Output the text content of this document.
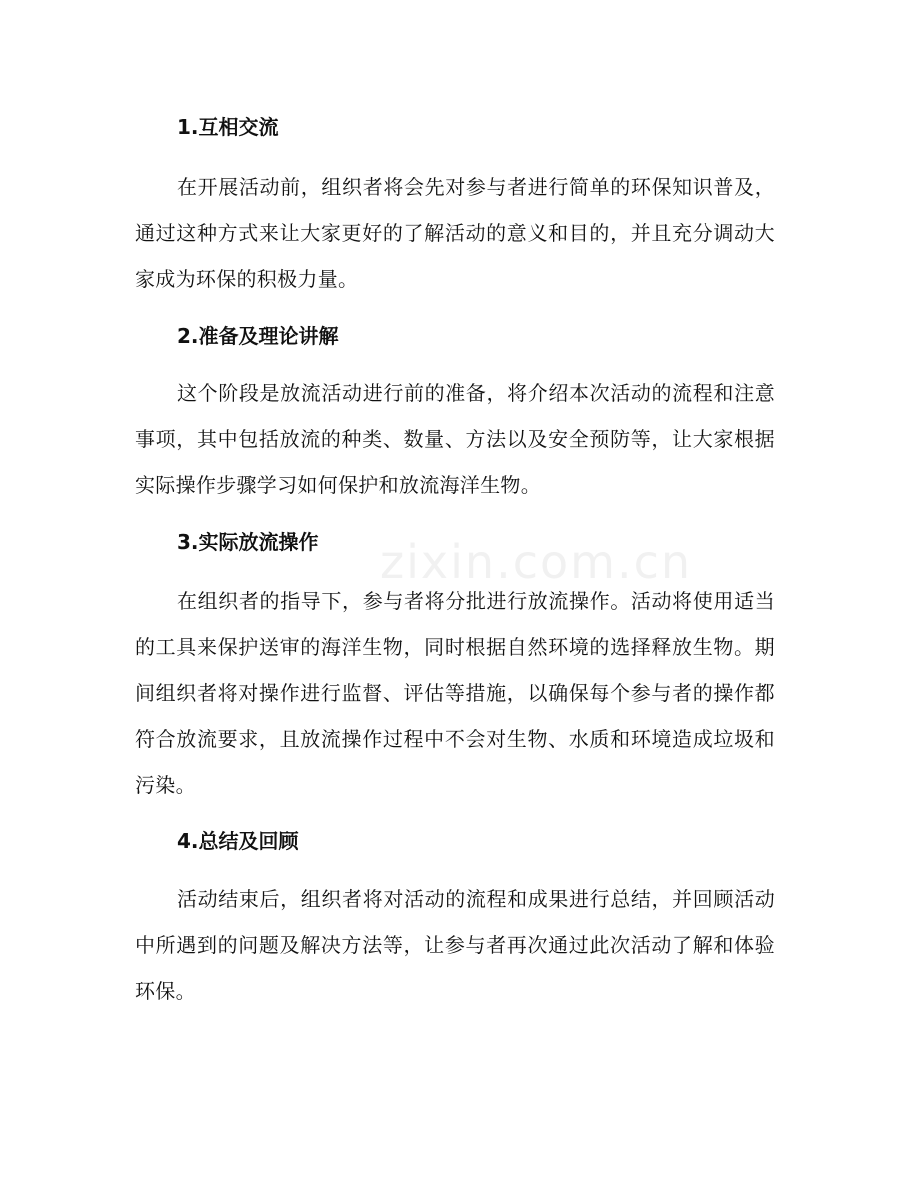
zixin.com.cn
1.互相交流

在开展活动前，组织者将会先对参与者进行简单的环保知识普及，通过这种方式来让大家更好的了解活动的意义和目的，并且充分调动大家成为环保的积极力量。

2.准备及理论讲解

这个阶段是放流活动进行前的准备，将介绍本次活动的流程和注意事项，其中包括放流的种类、数量、方法以及安全预防等，让大家根据实际操作步骤学习如何保护和放流海洋生物。

3.实际放流操作

在组织者的指导下，参与者将分批进行放流操作。活动将使用适当的工具来保护送审的海洋生物，同时根据自然环境的选择释放生物。期间组织者将对操作进行监督、评估等措施，以确保每个参与者的操作都符合放流要求，且放流操作过程中不会对生物、水质和环境造成垃圾和污染。

4.总结及回顾

活动结束后，组织者将对活动的流程和成果进行总结，并回顾活动中所遇到的问题及解决方法等，让参与者再次通过此次活动了解和体验环保。
